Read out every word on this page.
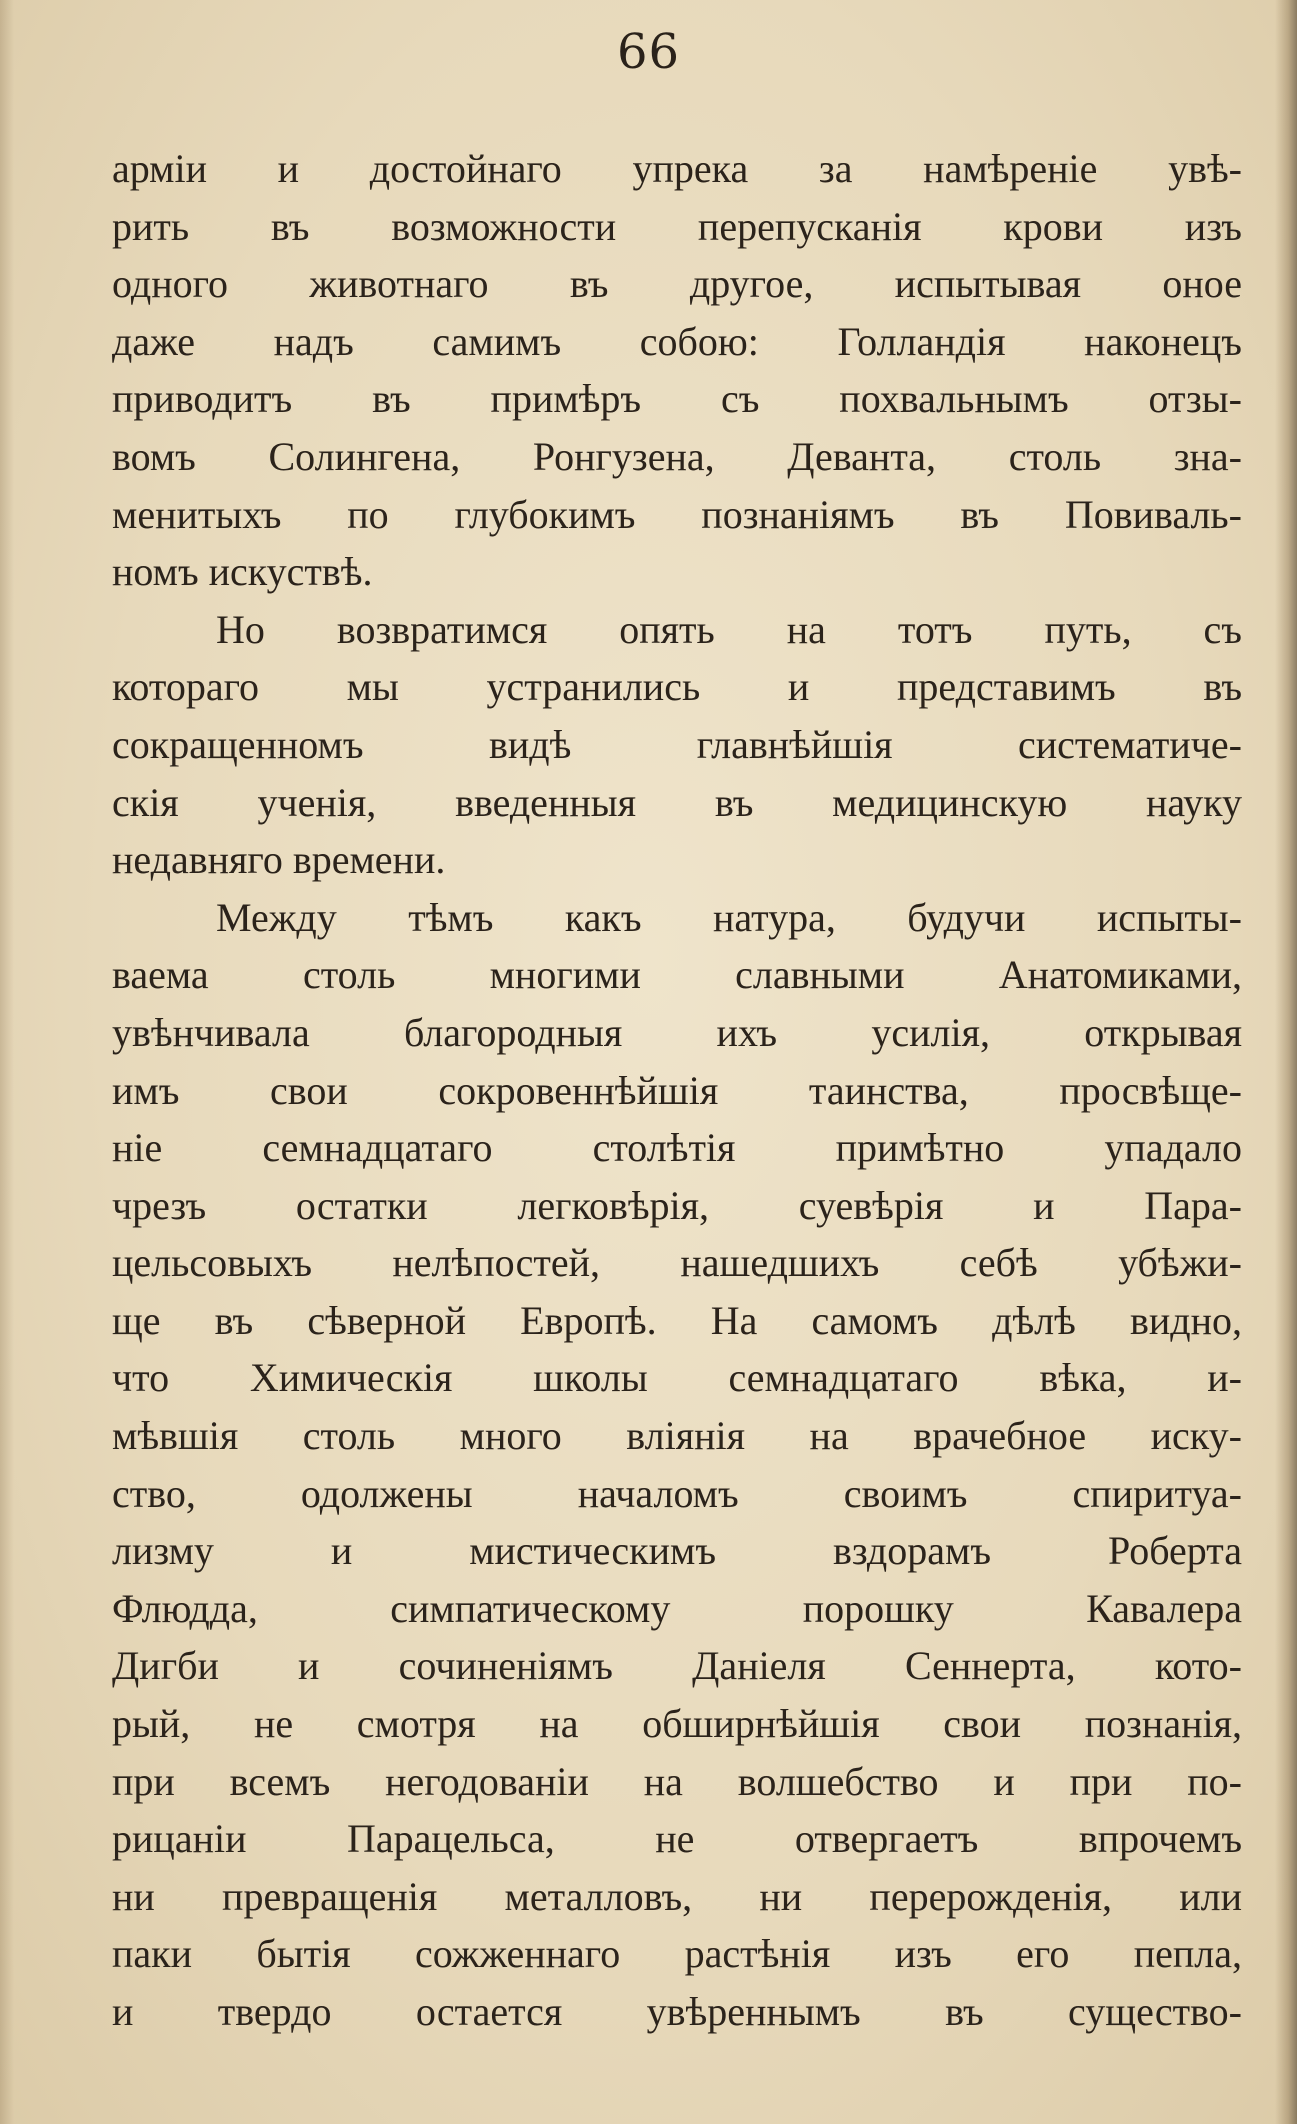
66
армiи и достойнаго упрека за намѣренiе увѣ-
рить въ возможности перепусканiя крови изъ
одного животнаго въ другое, испытывая оное
даже надъ самимъ собою: Голландiя наконецъ
приводитъ въ примѣръ съ похвальнымъ отзы-
вомъ Солингена, Ронгузена, Деванта, столь зна-
менитыхъ по глубокимъ познанiямъ въ Повиваль-
номъ искуствѣ.
Но возвратимся опять на тотъ путь, съ
котораго мы устранились и представимъ въ
сокращенномъ видѣ главнѣйшiя систематиче-
скiя ученiя, введенныя въ медицинскую науку
недавняго времени.
Между тѣмъ какъ натура, будучи испыты-
ваема столь многими славными Анатомиками,
увѣнчивала благородныя ихъ усилiя, открывая
имъ свои сокровеннѣйшiя таинства, просвѣще-
нiе семнадцатаго столѣтiя примѣтно упадало
чрезъ остатки легковѣрiя, суевѣрiя и Пара-
цельсовыхъ нелѣпостей, нашедшихъ себѣ убѣжи-
ще въ сѣверной Европѣ. На самомъ дѣлѣ видно,
что Химическiя школы семнадцатаго вѣка, и-
мѣвшiя столь много влiянiя на врачебное иску-
ство, одолжены началомъ своимъ спиритуа-
лизму и мистическимъ вздорамъ Роберта
Флюдда, симпатическому порошку Кавалера
Дигби и сочиненiямъ Данiеля Сеннерта, кото-
рый, не смотря на обширнѣйшiя свои познанiя,
при всемъ негодованiи на волшебство и при по-
рицанiи Парацельса, не отвергаетъ впрочемъ
ни превращенiя металловъ, ни перерожденiя, или
паки бытiя сожженнаго растѣнiя изъ его пепла,
и твердо остается увѣреннымъ въ существо-
